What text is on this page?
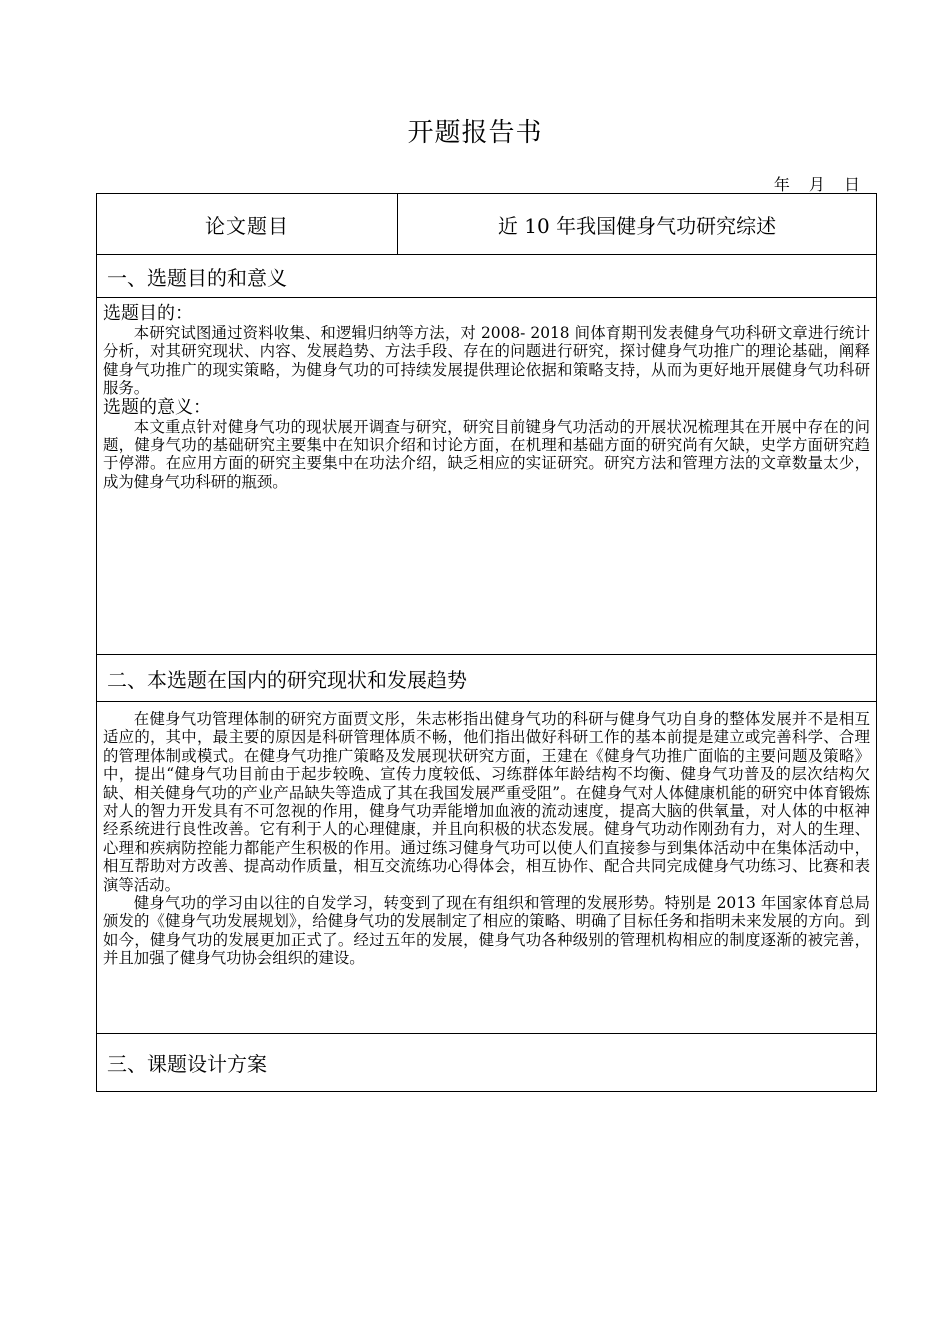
开题报告书
年 月 日
论文题目	近 10 年我国健身气功研究综述
一、选题目的和意义

选题目的：

本研究试图通过资料收集、和逻辑归纳等方法，对 2008- 2018 间体育期刊发表健身气功科研文章进行统计分析，对其研究现状、内容、发展趋势、方法手段、存在的问题进行研究，探讨健身气功推广的理论基础，阐释健身气功推广的现实策略，为健身气功的可持续发展提供理论依据和策略支持，从而为更好地开展健身气功科研服务。

选题的意义：

本文重点针对健身气功的现状展开调查与研究，研究目前键身气功活动的开展状况梳理其在开展中存在的问题，健身气功的基础研究主要集中在知识介绍和讨论方面，在机理和基础方面的研究尚有欠缺，史学方面研究趋于停滞。在应用方面的研究主要集中在功法介绍，缺乏相应的实证研究。研究方法和管理方法的文章数量太少，成为健身气功科研的瓶颈。

二、本选题在国内的研究现状和发展趋势

在健身气功管理体制的研究方面贾文彤，朱志彬指出健身气功的科研与健身气功自身的整体发展并不是相互适应的，其中，最主要的原因是科研管理体质不畅，他们指出做好科研工作的基本前提是建立或完善科学、合理的管理体制或模式。在健身气功推广策略及发展现状研究方面，王建在《健身气功推广面临的主要问题及策略》中，提出“健身气功目前由于起步较晚、宣传力度较低、习练群体年龄结构不均衡、健身气功普及的层次结构欠缺、相关健身气功的产业产品缺失等造成了其在我国发展严重受阻”。在健身气对人体健康机能的研究中体育锻炼对人的智力开发具有不可忽视的作用，健身气功弄能增加血液的流动速度，提高大脑的供氧量，对人体的中枢神经系统进行良性改善。它有利于人的心理健康，并且向积极的状态发展。健身气功动作刚劲有力，对人的生理、心理和疾病防控能力都能产生积极的作用。通过练习健身气功可以使人们直接参与到集体活动中在集体活动中，相互帮助对方改善、提高动作质量，相互交流练功心得体会，相互协作、配合共同完成健身气功练习、比赛和表演等活动。

健身气功的学习由以往的自发学习，转变到了现在有组织和管理的发展形势。特别是 2013 年国家体育总局颁发的《健身气功发展规划》，给健身气功的发展制定了相应的策略、明确了目标任务和指明未来发展的方向。到如今，健身气功的发展更加正式了。经过五年的发展，健身气功各种级别的管理机构相应的制度逐渐的被完善，并且加强了健身气功协会组织的建设。

三、课题设计方案
